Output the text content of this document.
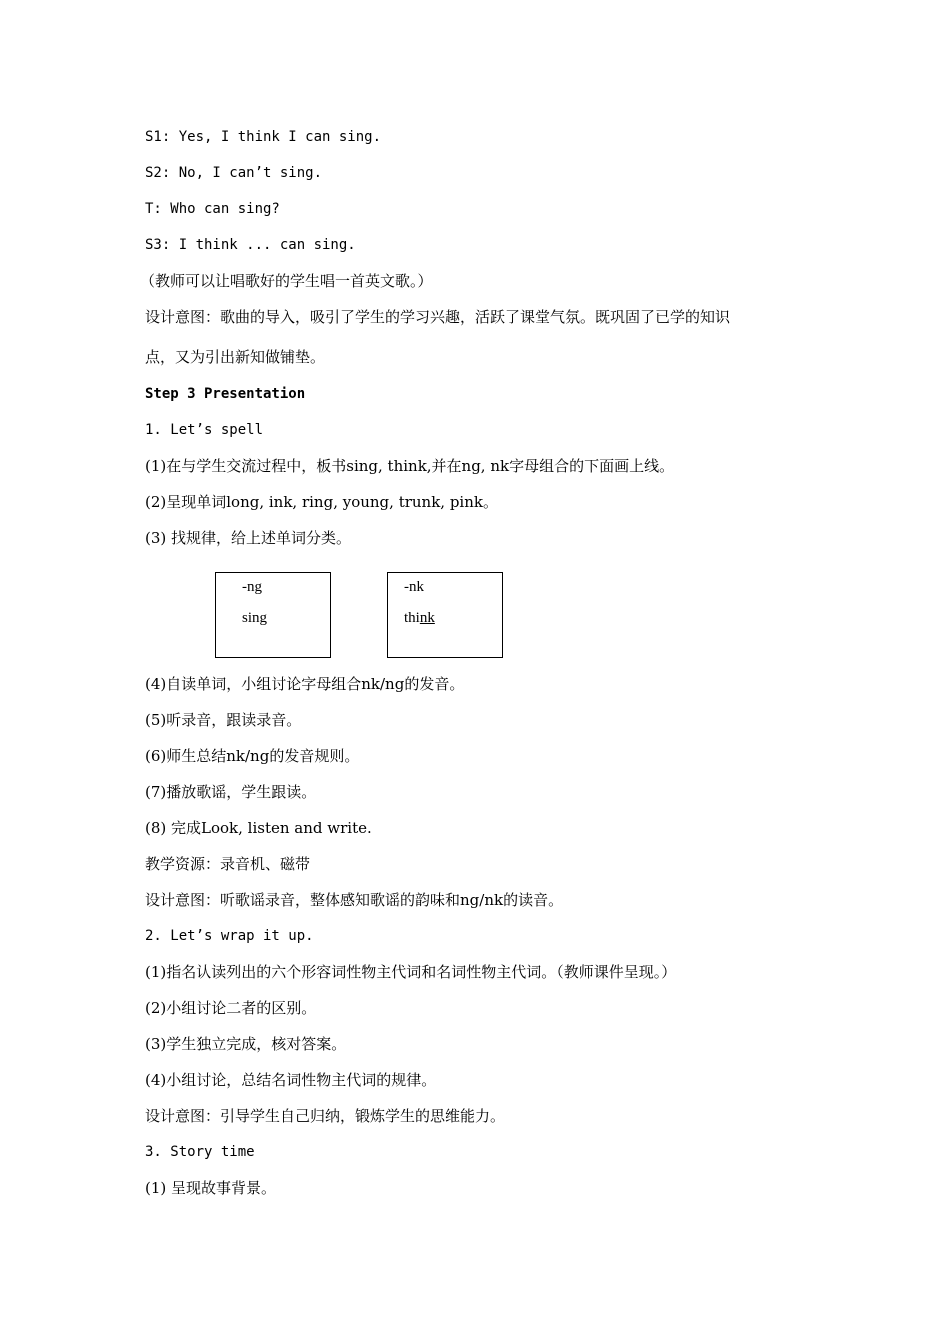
S1: Yes, I think I can sing.
S2: No, I can’t sing.
T: Who can sing?
S3: I think ... can sing.
（教师可以让唱歌好的学生唱一首英文歌。）
设计意图：歌曲的导入，吸引了学生的学习兴趣，活跃了课堂气氛。既巩固了已学的知识
点，又为引出新知做铺垫。
Step 3 Presentation
1. Let’s spell
(1)在与学生交流过程中，板书sing, think,并在ng, nk字母组合的下面画上线。
(2)呈现单词long, ink, ring, young, trunk, pink。
(3) 找规律，给上述单词分类。
-ng
sing
-nk
think
(4)自读单词，小组讨论字母组合nk/ng的发音。
(5)听录音，跟读录音。
(6)师生总结nk/ng的发音规则。
(7)播放歌谣，学生跟读。
(8) 完成Look, listen and write.
教学资源：录音机、磁带
设计意图：听歌谣录音，整体感知歌谣的韵味和ng/nk的读音。
2. Let’s wrap it up.
(1)指名认读列出的六个形容词性物主代词和名词性物主代词。（教师课件呈现。）
(2)小组讨论二者的区别。
(3)学生独立完成，核对答案。
(4)小组讨论，总结名词性物主代词的规律。
设计意图：引导学生自己归纳，锻炼学生的思维能力。
3. Story time
(1) 呈现故事背景。
